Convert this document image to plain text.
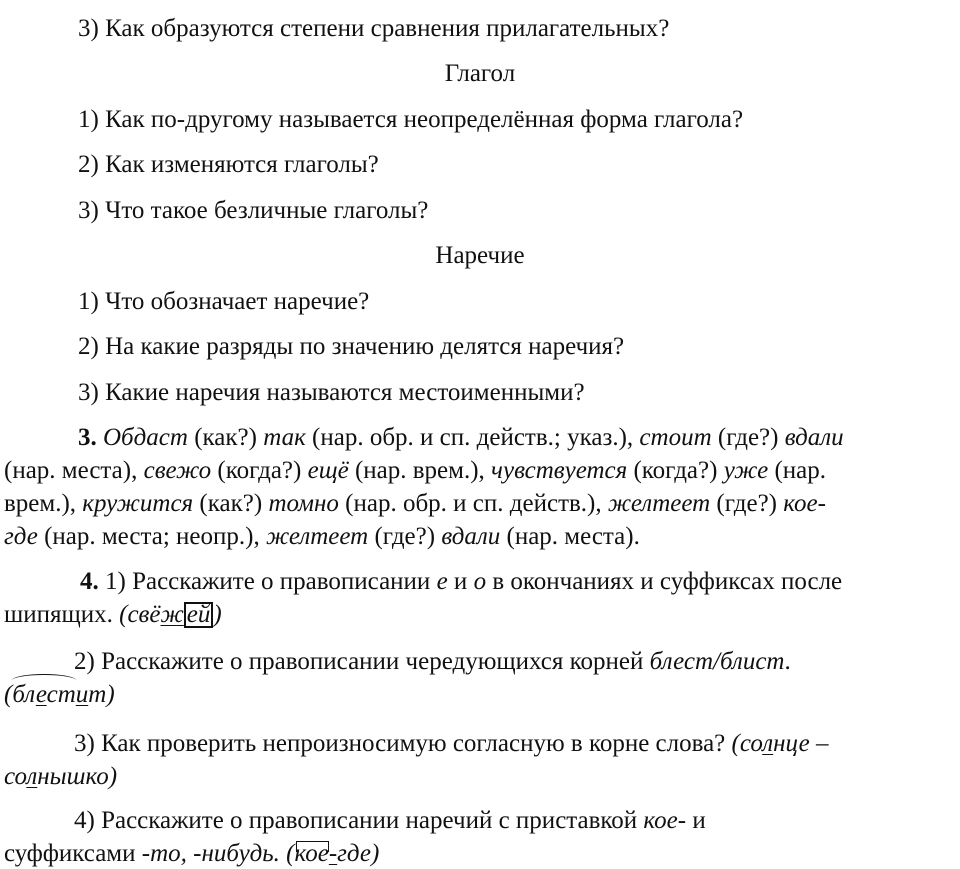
3) Как образуются степени сравнения прилагательных?
Глагол
1) Как по-другому называется неопределённая форма глагола?
2) Как изменяются глаголы?
3) Что такое безличные глаголы?
Наречие
1) Что обозначает наречие?
2) На какие разряды по значению делятся наречия?
3) Какие наречия называются местоименными?
3. Обдаст (как?) так (нар. обр. и сп. действ.; указ.), стоит (где?) вдали
(нар. места), свежо (когда?) ещё (нар. врем.), чувствуется (когда?) уже (нар.
врем.), кружится (как?) томно (нар. обр. и сп. действ.), желтеет (где?) кое-
где (нар. места; неопр.), желтеет (где?) вдали (нар. места).
4. 1) Расскажите о правописании е и о в окончаниях и суффиксах после
шипящих. (свёж ей )
2) Расскажите о правописании чередующихся корней блест/блист.
(блестит)
3) Как проверить непроизносимую согласную в корне слова? (солнце –
солнышко)
4) Расскажите о правописании наречий с приставкой кое- и
суффиксами -то, -нибудь. (кое-где)
